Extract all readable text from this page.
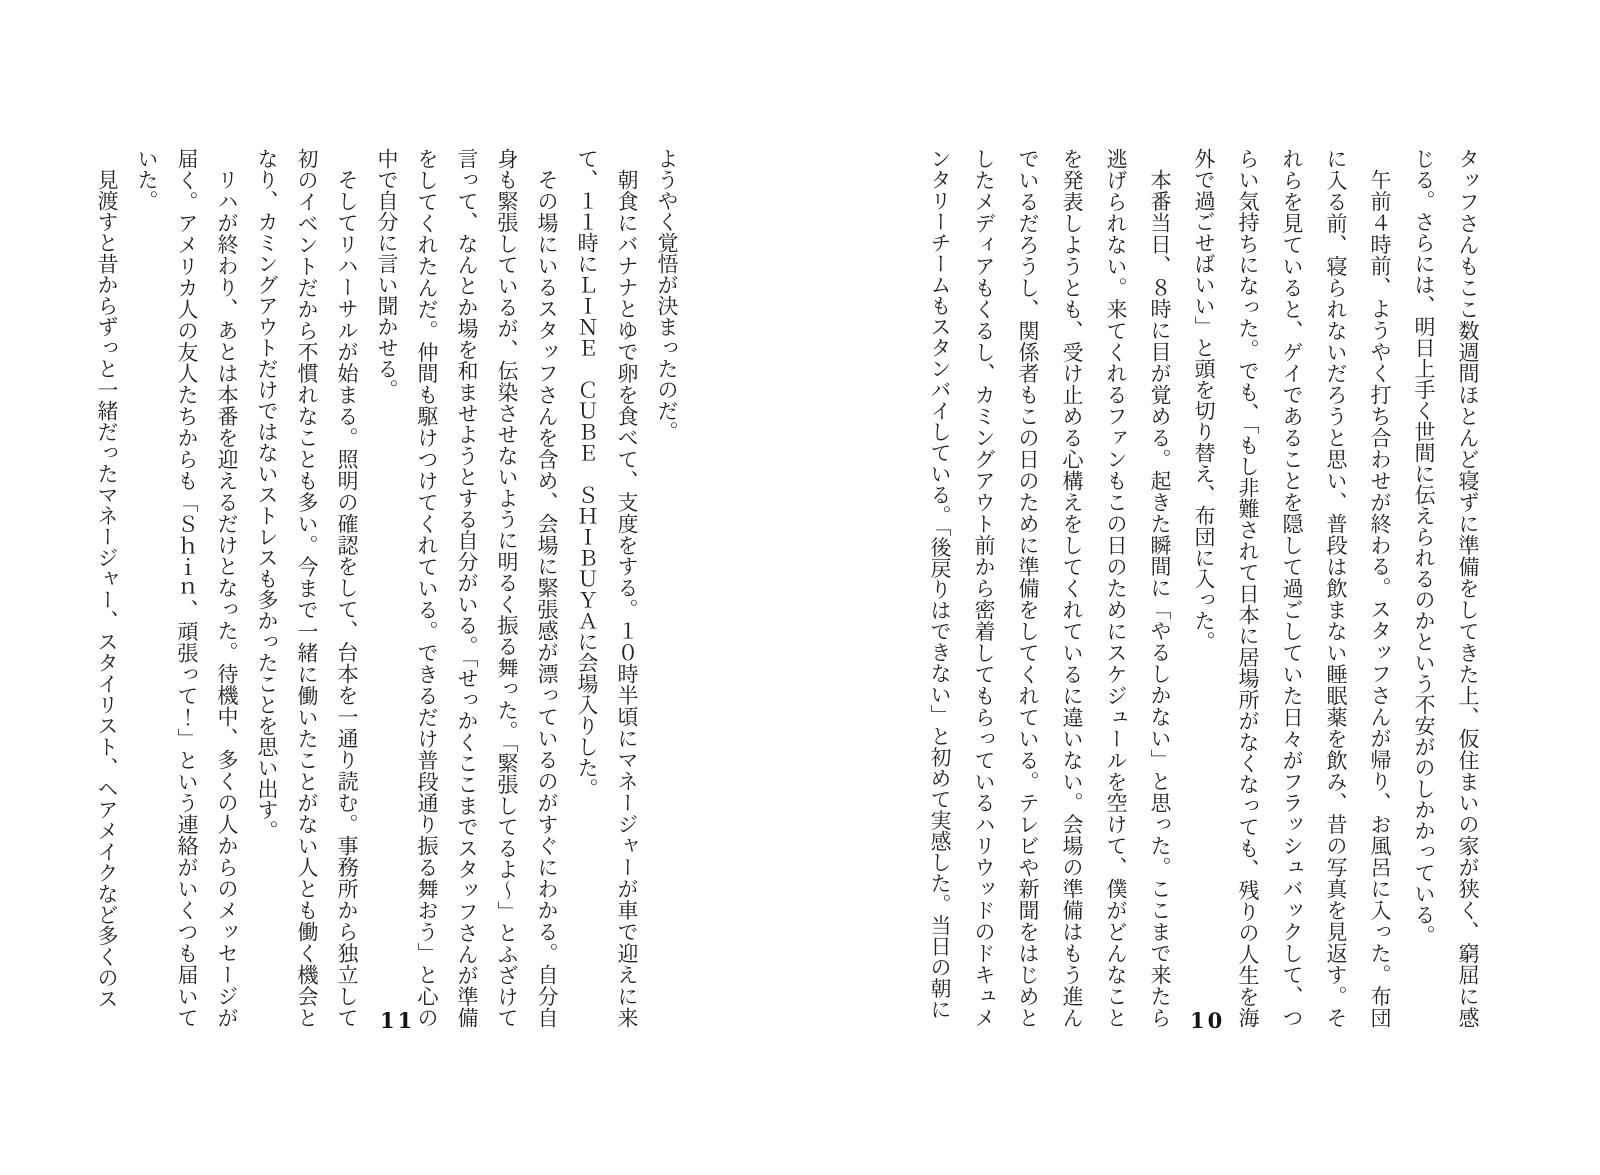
タッフさんもここ数週間ほとんど寝ずに準備をしてきた上、仮住まいの家が狭く、窮屈に感じる。さらには、明日上手く世間に伝えられるのかという不安がのしかかっている。

午前４時前、ようやく打ち合わせが終わる。スタッフさんが帰り、お風呂に入った。布団に入る前、寝られないだろうと思い、普段は飲まない睡眠薬を飲み、昔の写真を見返す。それらを見ていると、ゲイであることを隠して過ごしていた日々がフラッシュバックして、つらい気持ちになった。でも、「もし非難されて日本に居場所がなくなっても、残りの人生を海外で過ごせばいい」と頭を切り替え、布団に入った。

本番当日、８時に目が覚める。起きた瞬間に「やるしかない」と思った。ここまで来たら逃げられない。来てくれるファンもこの日のためにスケジュールを空けて、僕がどんなことを発表しようとも、受け止める心構えをしてくれているに違いない。会場の準備はもう進んでいるだろうし、関係者もこの日のために準備をしてくれている。テレビや新聞をはじめとしたメディアもくるし、カミングアウト前から密着してもらっているハリウッドのドキュメンタリーチームもスタンバイしている。「後戻りはできない」と初めて実感した。当日の朝に

10

ようやく覚悟が決まったのだ。

朝食にバナナとゆで卵を食べて、支度をする。１０時半頃にマネージャーが車で迎えに来て、１１時にＬＩＮＥ　ＣＵＢＥ　ＳＨＩＢＵＹＡに会場入りした。

その場にいるスタッフさんを含め、会場に緊張感が漂っているのがすぐにわかる。自分自身も緊張しているが、伝染させないように明るく振る舞った。「緊張してるよ〜」とふざけて言って、なんとか場を和ませようとする自分がいる。「せっかくここまでスタッフさんが準備をしてくれたんだ。仲間も駆けつけてくれている。できるだけ普段通り振る舞おう」と心の中で自分に言い聞かせる。

そしてリハーサルが始まる。照明の確認をして、台本を一通り読む。事務所から独立して初のイベントだから不慣れなことも多い。今まで一緒に働いたことがない人とも働く機会となり、カミングアウトだけではないストレスも多かったことを思い出す。

リハが終わり、あとは本番を迎えるだけとなった。待機中、多くの人からのメッセージが届く。アメリカ人の友人たちからも「Ｓｈｉｎ、頑張って！」という連絡がいくつも届いていた。

見渡すと昔からずっと一緒だったマネージャー、スタイリスト、ヘアメイクなど多くのス

11
